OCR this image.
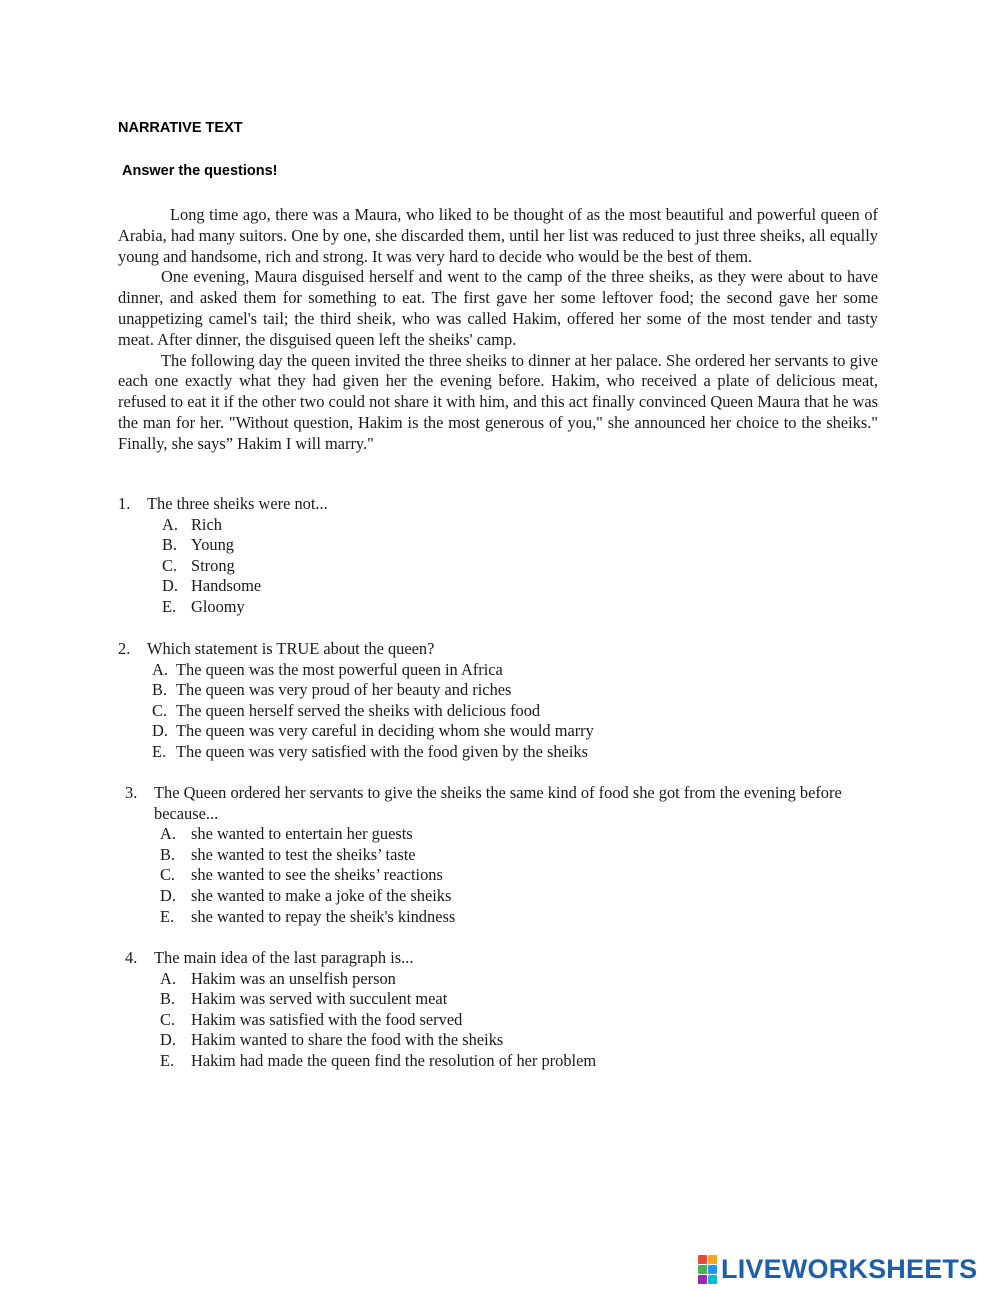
NARRATIVE TEXT
Answer the questions!

Long time ago, there was a Maura, who liked to be thought of as the most beautiful and powerful queen of Arabia, had many suitors. One by one, she discarded them, until her list was reduced to just three sheiks, all equally young and handsome, rich and strong. It was very hard to decide who would be the best of them.

One evening, Maura disguised herself and went to the camp of the three sheiks, as they were about to have dinner, and asked them for something to eat. The first gave her some leftover food; the second gave her some unappetizing camel's tail; the third sheik, who was called Hakim, offered her some of the most tender and tasty meat. After dinner, the disguised queen left the sheiks' camp.

The following day the queen invited the three sheiks to dinner at her palace. She ordered her servants to give each one exactly what they had given her the evening before. Hakim, who received a plate of delicious meat, refused to eat it if the other two could not share it with him, and this act finally convinced Queen Maura that he was the man for her. "Without question, Hakim is the most generous of you," she announced her choice to the sheiks." Finally, she says” Hakim I will marry."

1.	The three sheiks were not...
A. Rich
B. Young
C. Strong
D. Handsome
E. Gloomy
2.	Which statement is TRUE about the queen?
A. The queen was the most powerful queen in Africa
B. The queen was very proud of her beauty and riches
C. The queen herself served the sheiks with delicious food
D. The queen was very careful in deciding whom she would marry
E. The queen was very satisfied with the food given by the sheiks
3.	The Queen ordered her servants to give the sheiks the same kind of food she got from the evening before because...
A. she wanted to entertain her guests
B. she wanted to test the sheiks’ taste
C. she wanted to see the sheiks’ reactions
D. she wanted to make a joke of the sheiks
E.	she wanted to repay the sheik's kindness
4.	The main idea of the last paragraph is...
A. Hakim was an unselfish person
B. Hakim was served with succulent meat
C. Hakim was satisfied with the food served
D. Hakim wanted to share the food with the sheiks
E.	Hakim had made the queen find the resolution of her problem
LIVEWORKSHEETS
